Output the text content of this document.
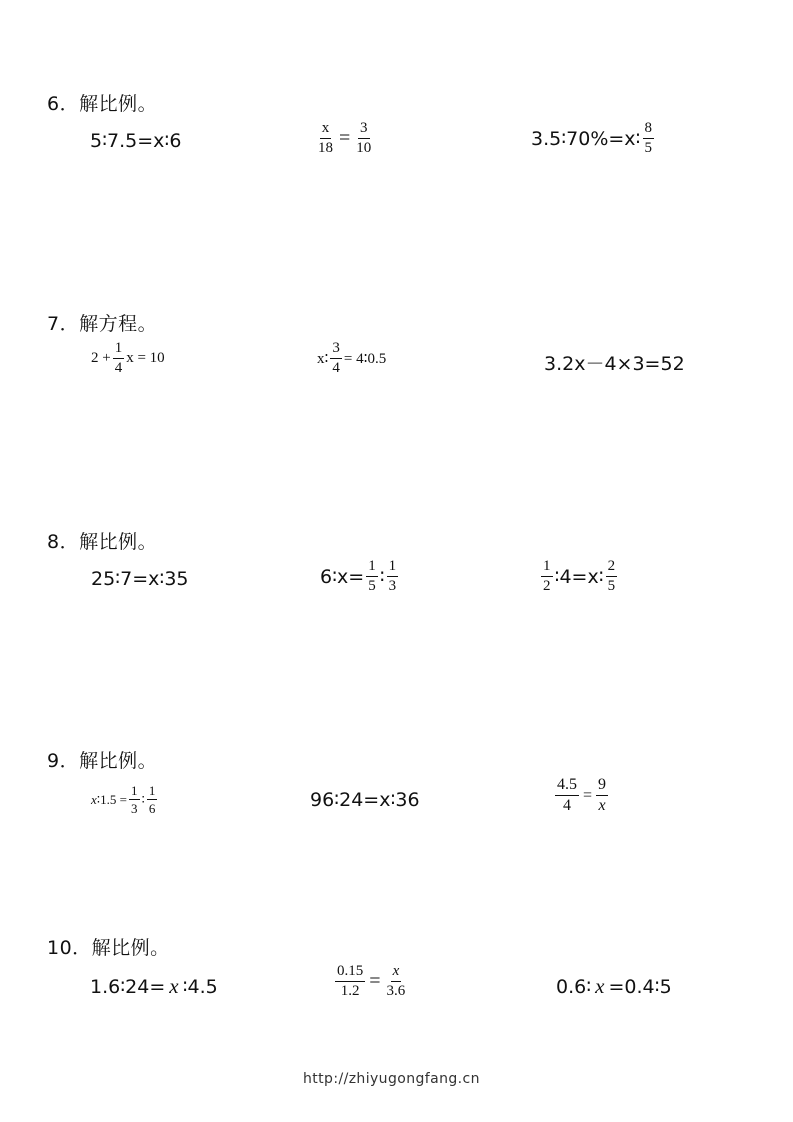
6．解比例。
5∶7.5=x∶6	$\frac{x}{18} = \frac{3}{10}$	3.5∶70%=x∶ $\frac{8}{5}$
7．解方程。
$2 + \frac{1}{4}$ x = 10	x∶ $\frac{3}{4}$ = 4∶0.5	3.2x－4×3=52
8．解比例。
25∶7=x∶35	6∶x= $\frac{1}{5}$ ∶ $\frac{1}{3}$	$\frac{1}{2}$ ∶4=x∶ $\frac{2}{5}$
9．解比例。
x ∶1.5 = $\frac{1}{3}$ ∶ $\frac{1}{6}$	96∶24=x∶36	$\frac{4.5}{4} = \frac{9}{x}$
10．解比例。
1.6∶24= x ∶4.5	$\frac{0.15}{1.2} = \frac{x}{3.6}$	0.6∶ x =0.4∶5
http://zhiyugongfang.cn
